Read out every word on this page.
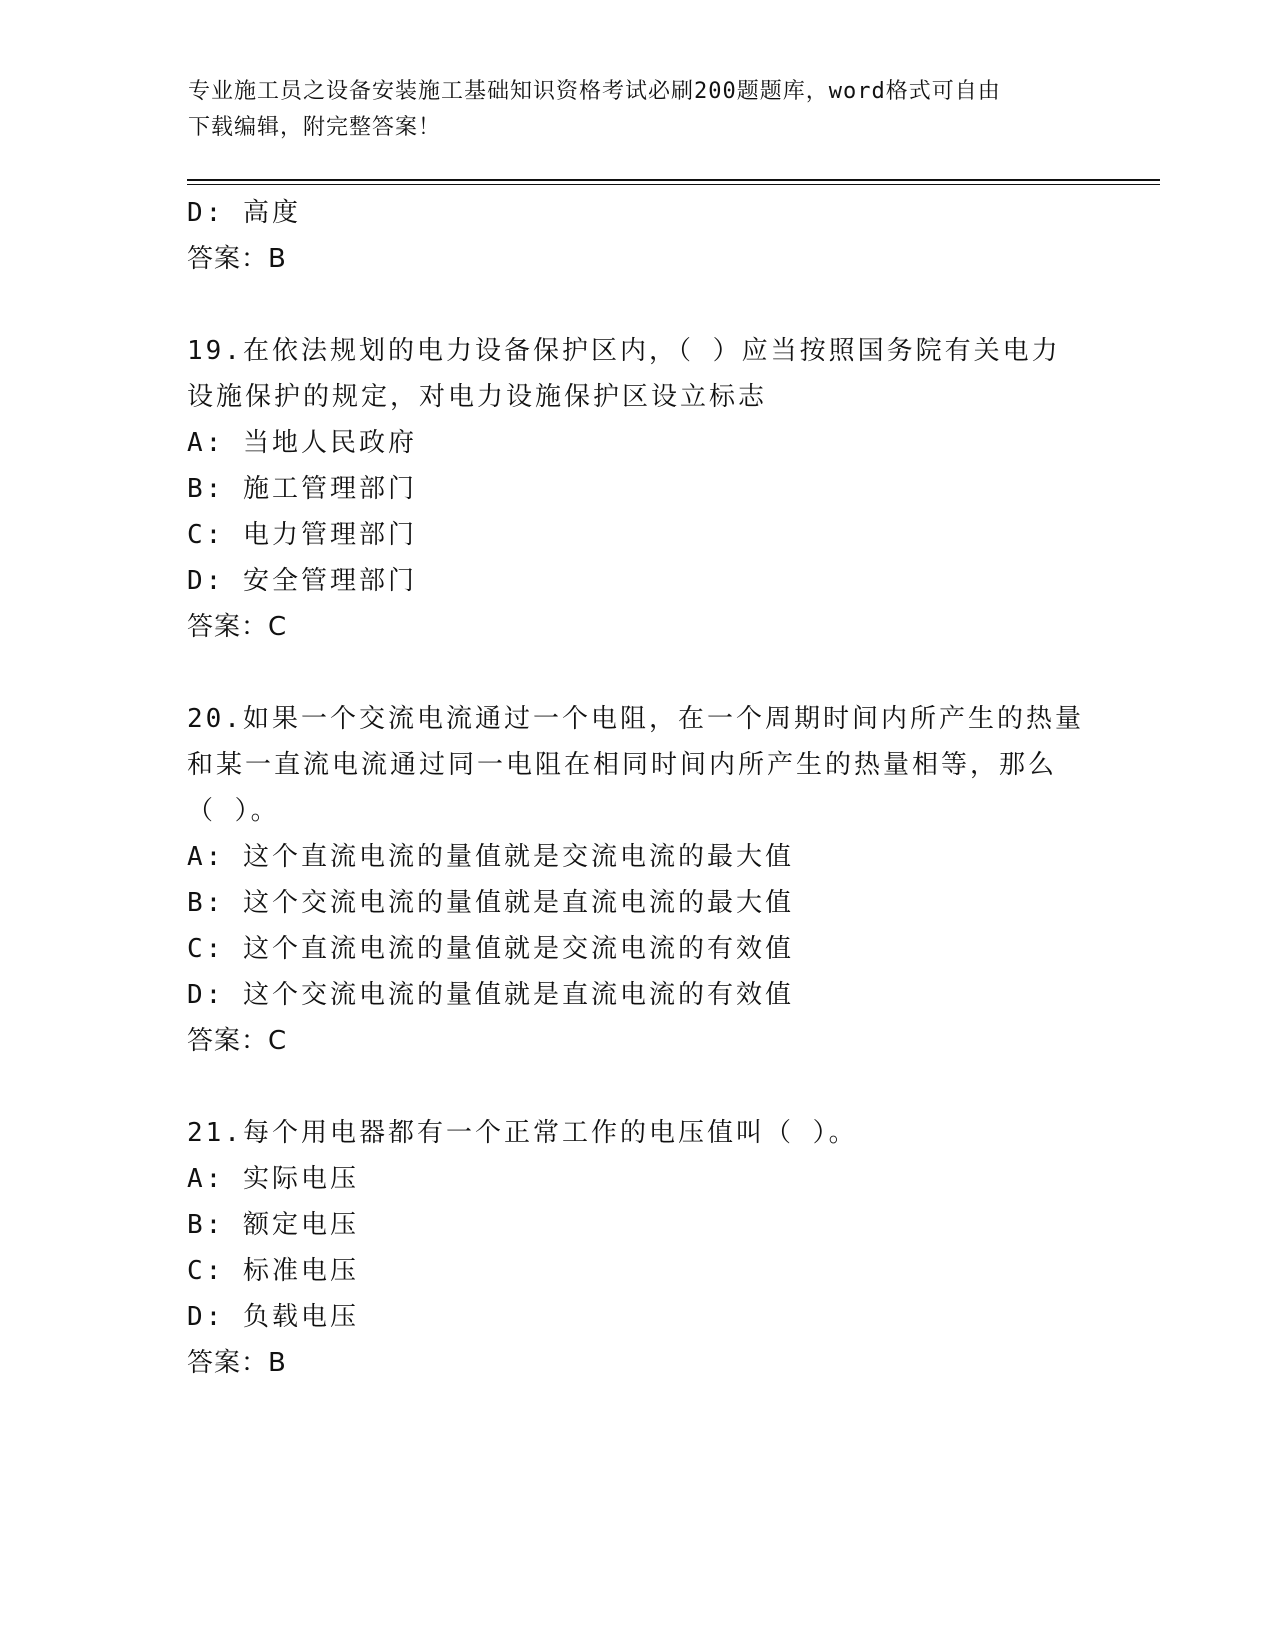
专业施工员之设备安装施工基础知识资格考试必刷200题题库，word格式可自由
下载编辑，附完整答案！
D: 高度
答案：B
19.在依法规划的电力设备保护区内，（ ）应当按照国务院有关电力
设施保护的规定，对电力设施保护区设立标志
A: 当地人民政府
B: 施工管理部门
C: 电力管理部门
D: 安全管理部门
答案：C
20.如果一个交流电流通过一个电阻，在一个周期时间内所产生的热量
和某一直流电流通过同一电阻在相同时间内所产生的热量相等，那么
（ ）。
A: 这个直流电流的量值就是交流电流的最大值
B: 这个交流电流的量值就是直流电流的最大值
C: 这个直流电流的量值就是交流电流的有效值
D: 这个交流电流的量值就是直流电流的有效值
答案：C
21.每个用电器都有一个正常工作的电压值叫（ ）。
A: 实际电压
B: 额定电压
C: 标准电压
D: 负载电压
答案：B
